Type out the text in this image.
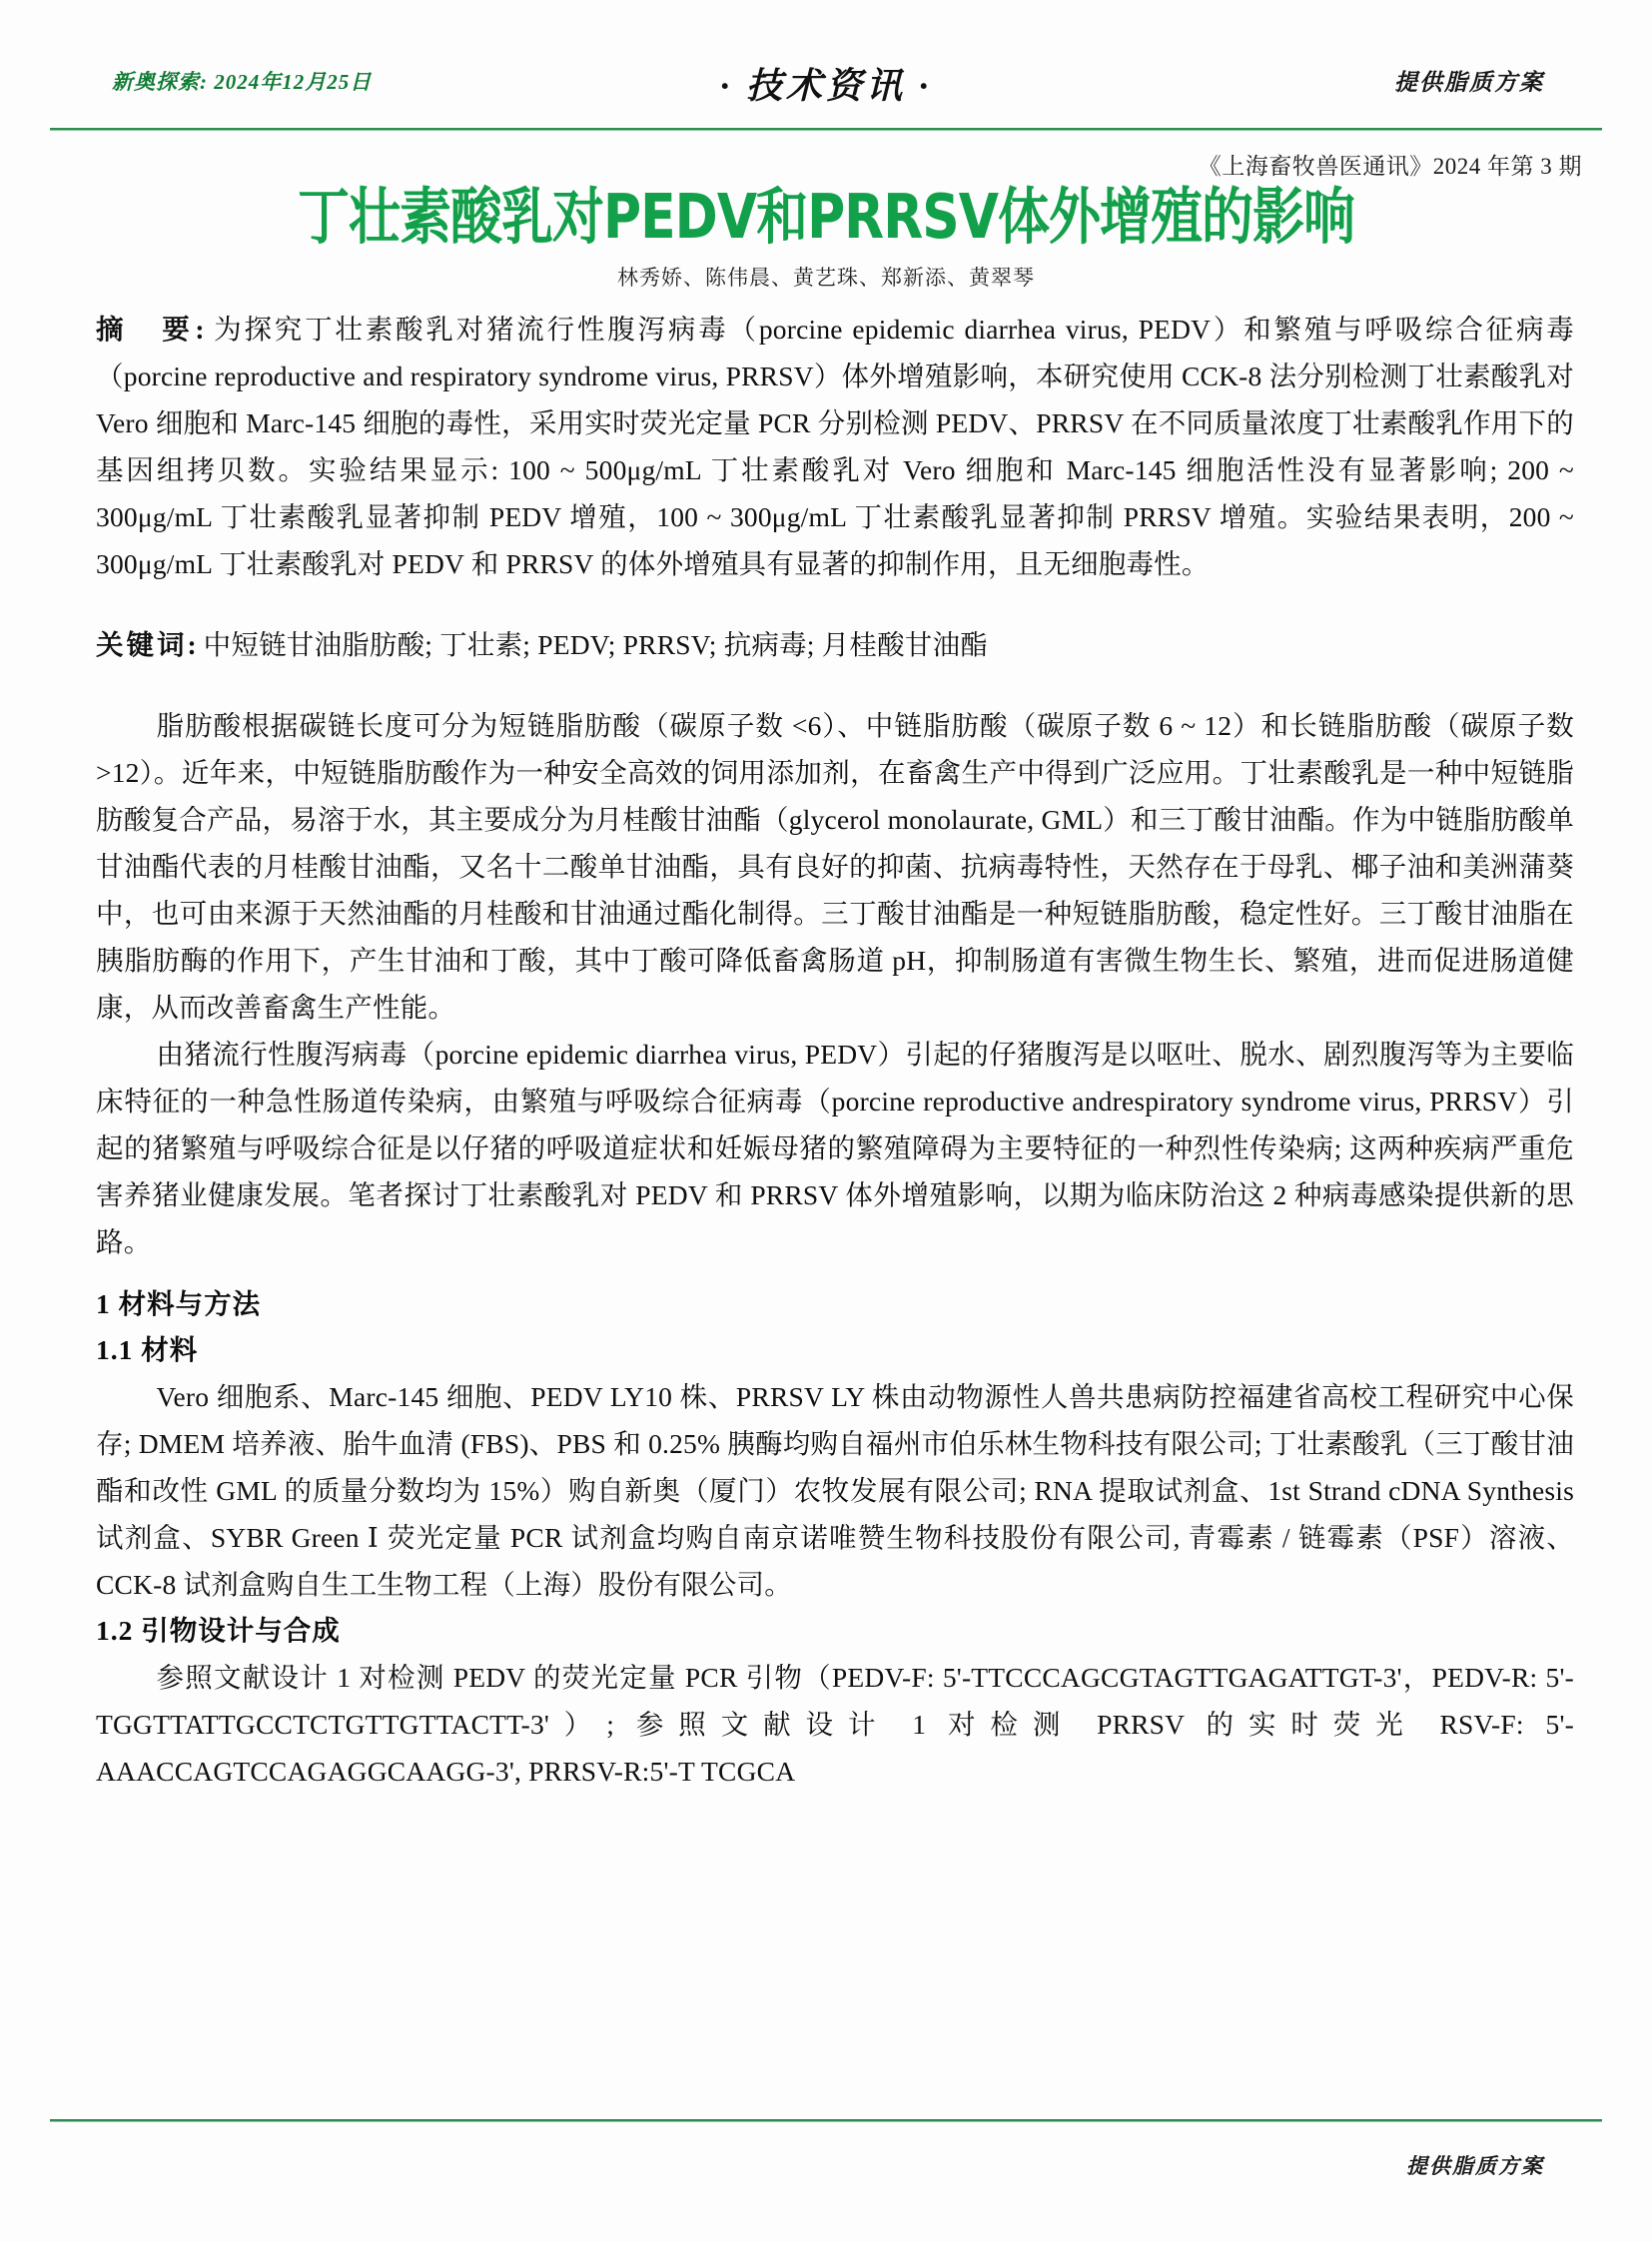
新奥探索: 2024年12月25日	· 技术资讯 ·	提供脂质方案
《上海畜牧兽医通讯》2024 年第 3 期
丁壮素酸乳对PEDV和PRRSV体外增殖的影响
林秀娇、陈伟晨、黄艺珠、郑新添、黄翠琴

摘　要: 为探究丁壮素酸乳对猪流行性腹泻病毒（porcine epidemic diarrhea virus, PEDV）和繁殖与呼吸综合征病毒（porcine reproductive and respiratory syndrome virus, PRRSV）体外增殖影响，本研究使用 CCK-8 法分别检测丁壮素酸乳对 Vero 细胞和 Marc-145 细胞的毒性，采用实时荧光定量 PCR 分别检测 PEDV、PRRSV 在不同质量浓度丁壮素酸乳作用下的基因组拷贝数。实验结果显示: 100 ~ 500μg/mL 丁壮素酸乳对 Vero 细胞和 Marc-145 细胞活性没有显著影响; 200 ~ 300μg/mL 丁壮素酸乳显著抑制 PEDV 增殖，100 ~ 300μg/mL 丁壮素酸乳显著抑制 PRRSV 增殖。实验结果表明，200 ~ 300μg/mL 丁壮素酸乳对 PEDV 和 PRRSV 的体外增殖具有显著的抑制作用，且无细胞毒性。

关键词: 中短链甘油脂肪酸; 丁壮素; PEDV; PRRSV; 抗病毒; 月桂酸甘油酯

脂肪酸根据碳链长度可分为短链脂肪酸（碳原子数 <6）、中链脂肪酸（碳原子数 6 ~ 12）和长链脂肪酸（碳原子数 >12）。近年来，中短链脂肪酸作为一种安全高效的饲用添加剂，在畜禽生产中得到广泛应用。丁壮素酸乳是一种中短链脂肪酸复合产品，易溶于水，其主要成分为月桂酸甘油酯（glycerol monolaurate, GML）和三丁酸甘油酯。作为中链脂肪酸单甘油酯代表的月桂酸甘油酯，又名十二酸单甘油酯，具有良好的抑菌、抗病毒特性，天然存在于母乳、椰子油和美洲蒲葵中，也可由来源于天然油酯的月桂酸和甘油通过酯化制得。三丁酸甘油酯是一种短链脂肪酸，稳定性好。三丁酸甘油脂在胰脂肪酶的作用下，产生甘油和丁酸，其中丁酸可降低畜禽肠道 pH，抑制肠道有害微生物生长、繁殖，进而促进肠道健康，从而改善畜禽生产性能。

由猪流行性腹泻病毒（porcine epidemic diarrhea virus, PEDV）引起的仔猪腹泻是以呕吐、脱水、剧烈腹泻等为主要临床特征的一种急性肠道传染病，由繁殖与呼吸综合征病毒（porcine reproductive andrespiratory syndrome virus, PRRSV）引起的猪繁殖与呼吸综合征是以仔猪的呼吸道症状和妊娠母猪的繁殖障碍为主要特征的一种烈性传染病; 这两种疾病严重危害养猪业健康发展。笔者探讨丁壮素酸乳对 PEDV 和 PRRSV 体外增殖影响，以期为临床防治这 2 种病毒感染提供新的思路。

1 材料与方法
1.1 材料

Vero 细胞系、Marc-145 细胞、PEDV LY10 株、PRRSV LY 株由动物源性人兽共患病防控福建省高校工程研究中心保存; DMEM 培养液、胎牛血清 (FBS)、PBS 和 0.25% 胰酶均购自福州市伯乐林生物科技有限公司; 丁壮素酸乳（三丁酸甘油酯和改性 GML 的质量分数均为 15%）购自新奥（厦门）农牧发展有限公司; RNA 提取试剂盒、1st Strand cDNA Synthesis 试剂盒、SYBR Green Ⅰ 荧光定量 PCR 试剂盒均购自南京诺唯赞生物科技股份有限公司, 青霉素 / 链霉素（PSF）溶液、CCK-8 试剂盒购自生工生物工程（上海）股份有限公司。

1.2 引物设计与合成

参照文献设计 1 对检测 PEDV 的荧光定量 PCR 引物（PEDV-F: 5'-TTCCCAGCGTAGTTGAGATTGT-3'，PEDV-R: 5'-TGGTTATTGCCTCTGTTGTTACTT-3'）; 参照文献设计 1 对检测 PRRSV 的实时荧光 RSV-F: 5'-AAACCAGTCCAGAGGCAAGG-3', PRRSV-R:5'-T TCGCA

提供脂质方案
